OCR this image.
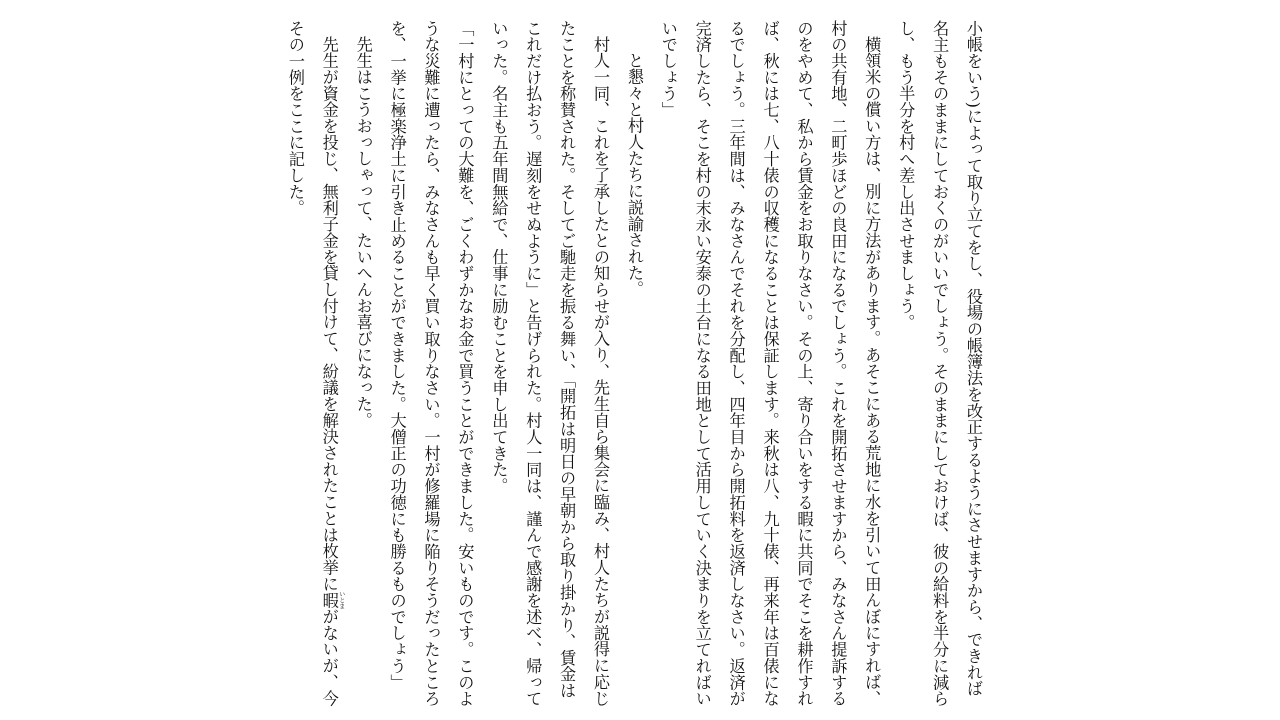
小帳をいう)によって取り立てをし、役場の帳簿法を改正するようにさせますから、できれば名主もそのままにしておくのがいいでしょう。そのままにしておけば、彼の給料を半分に減らし、もう半分を村へ差し出させましょう。

横領米の償い方は、別に方法があります。あそこにある荒地に水を引いて田んぼにすれば、村の共有地、二町歩ほどの良田になるでしょう。これを開拓させますから、みなさん提訴するのをやめて、私から賃金をお取りなさい。その上、寄り合いをする暇に共同でそこを耕作すれば、秋には七、八十俵の収穫になることは保証します。来秋は八、九十俵、再来年は百俵になるでしょう。三年間は、みなさんでそれを分配し、四年目から開拓料を返済しなさい。返済が完済したら、そこを村の末永い安泰の土台になる田地として活用していく決まりを立てればいいでしょう」

と懇々と村人たちに説諭された。

村人一同、これを了承したとの知らせが入り、先生自ら集会に臨み、村人たちが説得に応じたことを称賛された。そしてご馳走を振る舞い、「開拓は明日の早朝から取り掛かり、賃金はこれだけ払おう。遅刻をせぬように」と告げられた。村人一同は、謹んで感謝を述べ、帰っていった。名主も五年間無給で、仕事に励むことを申し出てきた。

「一村にとっての大難を、ごくわずかなお金で買うことができました。安いものです。このような災難に遭ったら、みなさんも早く買い取りなさい。一村が修羅場に陥りそうだったところを、一挙に極楽浄土に引き止めることができました。大僧正の功徳にも勝るものでしょう」

先生はこうおっしゃって、たいへんお喜びになった。

先生が資金を投じ、無利子金を貸し付けて、紛議を解決されたことは枚挙に暇 いとまがないが、今その一例をここに記した。
